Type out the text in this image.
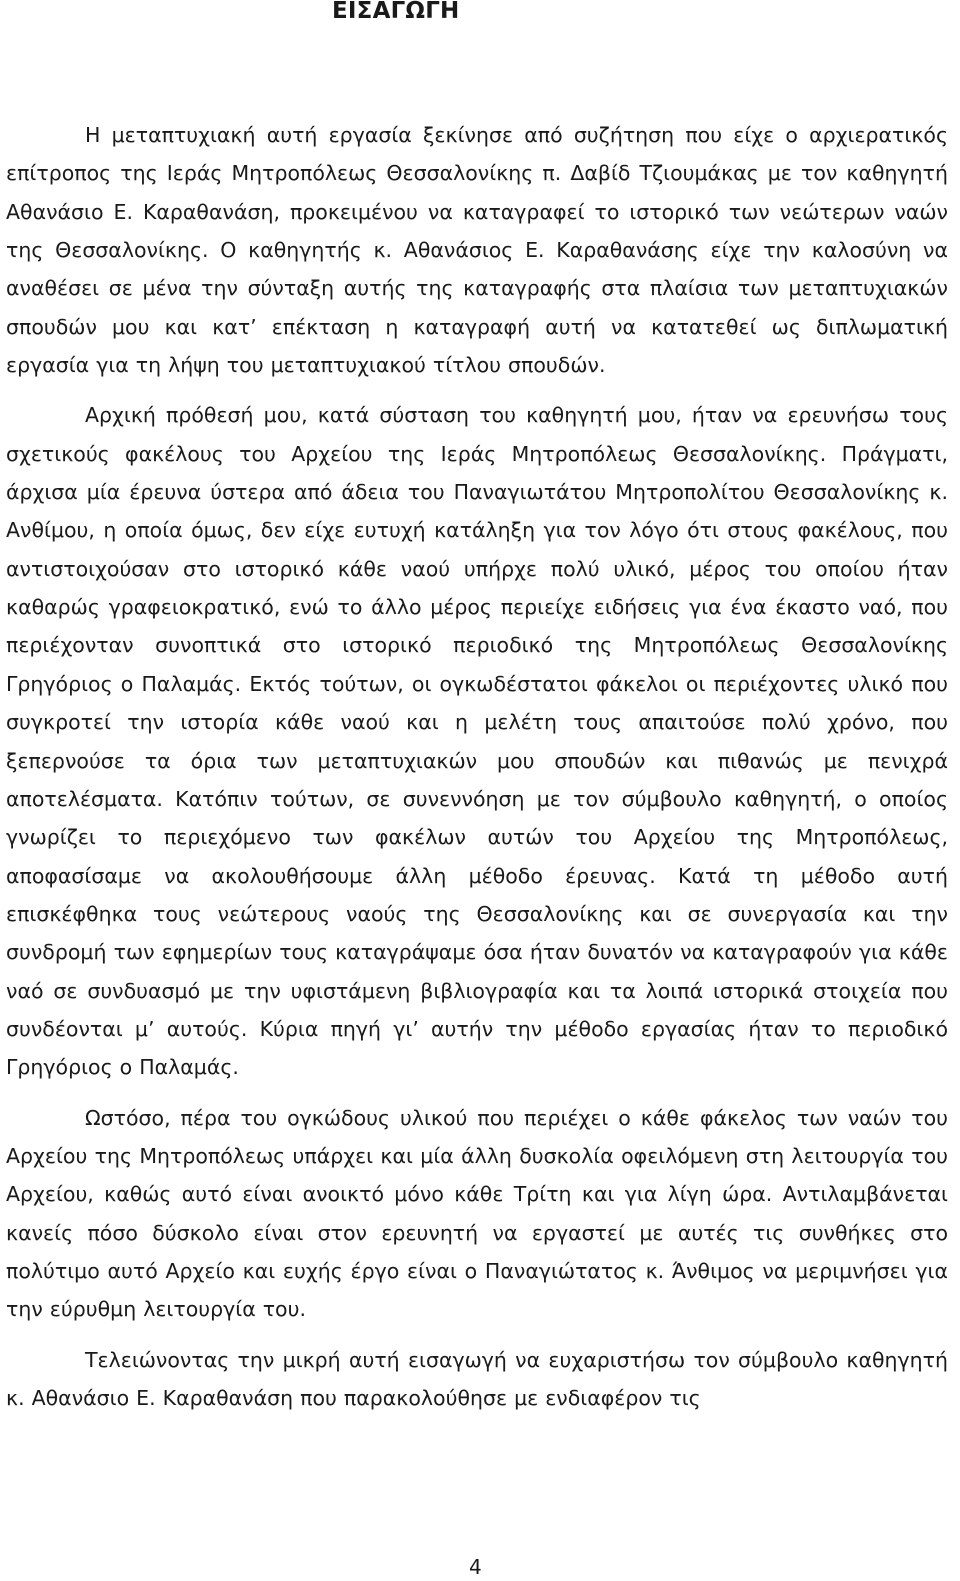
ΕΙΣΑΓΩΓΗ

Η μεταπτυχιακή αυτή εργασία ξεκίνησε από συζήτηση που είχε ο αρχιερατικός επίτροπος της Ιεράς Μητροπόλεως Θεσσαλονίκης π. Δαβίδ Τζιουμάκας με τον καθηγητή Αθανάσιο Ε. Καραθανάση, προκειμένου να καταγραφεί το ιστορικό των νεώτερων ναών της Θεσσαλονίκης. Ο καθηγητής κ. Αθανάσιος Ε. Καραθανάσης είχε την καλοσύνη να αναθέσει σε μένα την σύνταξη αυτής της καταγραφής στα πλαίσια των μεταπτυχιακών σπουδών μου και κατ’ επέκταση η καταγραφή αυτή να κατατεθεί ως διπλωματική εργασία για τη λήψη του μεταπτυχιακού τίτλου σπουδών.

Αρχική πρόθεσή μου, κατά σύσταση του καθηγητή μου, ήταν να ερευνήσω τους σχετικούς φακέλους του Αρχείου της Ιεράς Μητροπόλεως Θεσσαλονίκης. Πράγματι, άρχισα μία έρευνα ύστερα από άδεια του Παναγιωτάτου Μητροπολίτου Θεσσαλονίκης κ. Ανθίμου, η οποία όμως, δεν είχε ευτυχή κατάληξη για τον λόγο ότι στους φακέλους, που αντιστοιχούσαν στο ιστορικό κάθε ναού υπήρχε πολύ υλικό, μέρος του οποίου ήταν καθαρώς γραφειοκρατικό, ενώ το άλλο μέρος περιείχε ειδήσεις για ένα έκαστο ναό, που περιέχονταν συνοπτικά στο ιστορικό περιοδικό της Μητροπόλεως Θεσσαλονίκης Γρηγόριος ο Παλαμάς. Εκτός τούτων, οι ογκωδέστατοι φάκελοι οι περιέχοντες υλικό που συγκροτεί την ιστορία κάθε ναού και η μελέτη τους απαιτούσε πολύ χρόνο, που ξεπερνούσε τα όρια των μεταπτυχιακών μου σπουδών και πιθανώς με πενιχρά αποτελέσματα. Κατόπιν τούτων, σε συνεννόηση με τον σύμβουλο καθηγητή, ο οποίος γνωρίζει το περιεχόμενο των φακέλων αυτών του Αρχείου της Μητροπόλεως, αποφασίσαμε να ακολουθήσουμε άλλη μέθοδο έρευνας. Κατά τη μέθοδο αυτή επισκέφθηκα τους νεώτερους ναούς της Θεσσαλονίκης και σε συνεργασία και την συνδρομή των εφημερίων τους καταγράψαμε όσα ήταν δυνατόν να καταγραφούν για κάθε ναό σε συνδυασμό με την υφιστάμενη βιβλιογραφία και τα λοιπά ιστορικά στοιχεία που συνδέονται μ’ αυτούς. Κύρια πηγή γι’ αυτήν την μέθοδο εργασίας ήταν το περιοδικό Γρηγόριος ο Παλαμάς.

Ωστόσο, πέρα του ογκώδους υλικού που περιέχει ο κάθε φάκελος των ναών του Αρχείου της Μητροπόλεως υπάρχει και μία άλλη δυσκολία οφειλόμενη στη λειτουργία του Αρχείου, καθώς αυτό είναι ανοικτό μόνο κάθε Τρίτη και για λίγη ώρα. Αντιλαμβάνεται κανείς πόσο δύσκολο είναι στον ερευνητή να εργαστεί με αυτές τις συνθήκες στο πολύτιμο αυτό Αρχείο και ευχής έργο είναι ο Παναγιώτατος κ. Άνθιμος να μεριμνήσει για την εύρυθμη λειτουργία του.

Τελειώνοντας την μικρή αυτή εισαγωγή να ευχαριστήσω τον σύμβουλο καθηγητή κ. Αθανάσιο Ε. Καραθανάση που παρακολούθησε με ενδιαφέρον τις

4
